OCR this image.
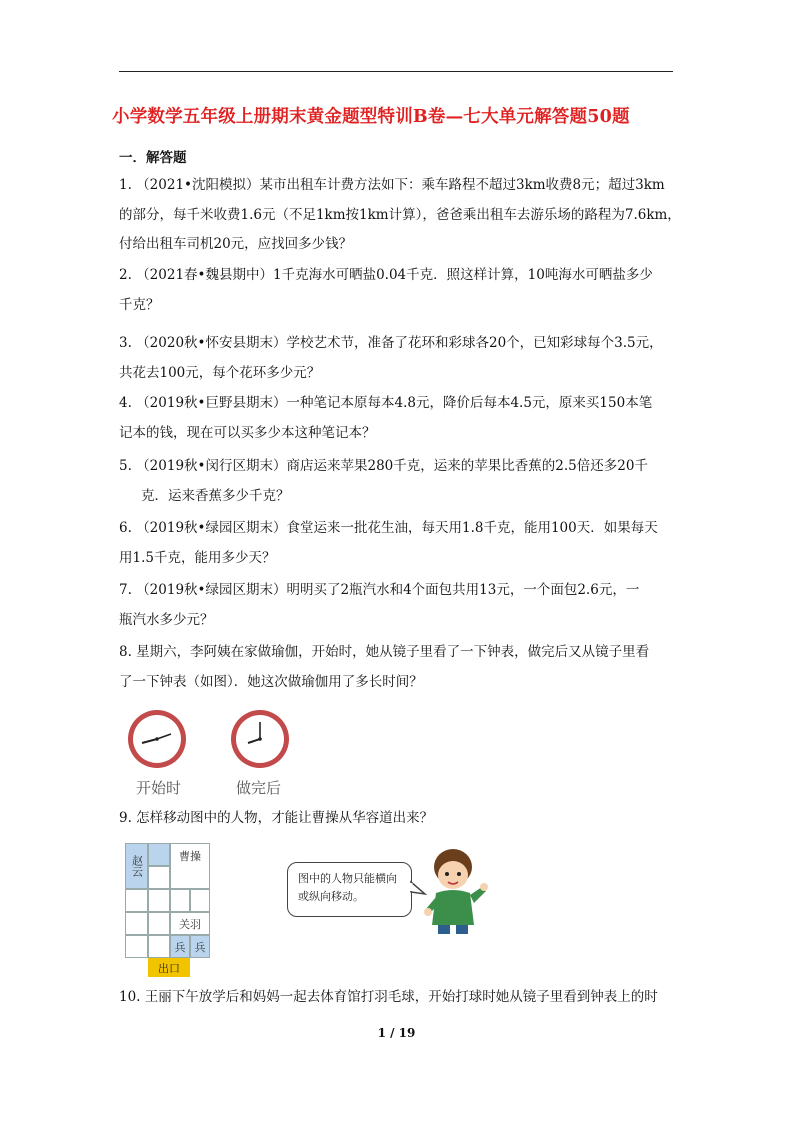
小学数学五年级上册期末黄金题型特训B卷—七大单元解答题50题
一．解答题
1. （2021•沈阳模拟）某市出租车计费方法如下：乘车路程不超过3km收费8元；超过3km
的部分，每千米收费1.6元（不足1km按1km计算），爸爸乘出租车去游乐场的路程为7.6km，
付给出租车司机20元，应找回多少钱？
2. （2021春•魏县期中）1千克海水可晒盐0.04千克．照这样计算，10吨海水可晒盐多少
千克？
3. （2020秋•怀安县期末）学校艺术节，准备了花环和彩球各20个，已知彩球每个3.5元，
共花去100元，每个花环多少元？
4. （2019秋•巨野县期末）一种笔记本原每本4.8元，降价后每本4.5元，原来买150本笔
记本的钱，现在可以买多少本这种笔记本？
5. （2019秋•闵行区期末）商店运来苹果280千克，运来的苹果比香蕉的2.5倍还多20千
克．运来香蕉多少千克？
6. （2019秋•绿园区期末）食堂运来一批花生油，每天用1.8千克，能用100天．如果每天
用1.5千克，能用多少天？
7. （2019秋•绿园区期末）明明买了2瓶汽水和4个面包共用13元，一个面包2.6元，一
瓶汽水多少元？
8. 星期六，李阿姨在家做瑜伽，开始时，她从镜子里看了一下钟表，做完后又从镜子里看
了一下钟表（如图）．她这次做瑜伽用了多长时间？
开始时	做完后
9. 怎样移动图中的人物，才能让曹操从华容道出来？
赵云	曹操
关羽
兵 兵
出口
图中的人物只能横向或纵向移动。
10. 王丽下午放学后和妈妈一起去体育馆打羽毛球，开始打球时她从镜子里看到钟表上的时
1 / 19
